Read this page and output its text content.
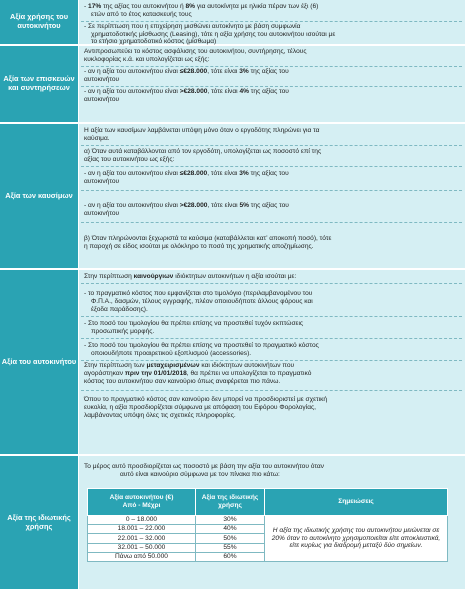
Αξία χρήσης του αυτοκινήτου
- 17% της αξίας του αυτοκινήτου ή 8% για αυτοκίνητα με ηλικία πέραν των έξι (6)
ετών από το έτος κατασκευής τους
- Σε περίπτωση που η επιχείρηση μισθώνει αυτοκίνητο με βάση συμφωνία
χρηματοδοτικής μίσθωσης (Leasing), τότε η αξία χρήσης του αυτοκινήτου ισούται με
Αξία των επισκευών και συντηρήσεων
Αντιπροσωπεύει το κόστος ασφάλισης του αυτοκινήτου, συντήρησης, τέλους
κυκλοφορίας κ.ά. και υπολογίζεται ως εξής:
- αν η αξία του αυτοκινήτου είναι ≤€28.000, τότε είναι 3% της αξίας του
αυτοκινήτου
- αν η αξία του αυτοκινήτου είναι >€28.000, τότε είναι 4% της αξίας του
αυτοκινήτου
Αξία των καυσίμων
Η αξία των καυσίμων λαμβάνεται υπόψη μόνο όταν ο εργοδότης πληρώνει για τα
καύσιμα.
α) Όταν αυτά καταβάλλονται από τον εργοδότη, υπολογίζεται ως ποσοστό επί της
αξίας του αυτοκινήτου ως εξής:
- αν η αξία του αυτοκινήτου είναι ≤€28.000, τότε είναι 3% της αξίας του
αυτοκινήτου
- αν η αξία του αυτοκινήτου είναι >€28.000, τότε είναι 5% της αξίας του
αυτοκινήτου
β) Όταν πληρώνονται ξεχωριστά τα καύσιμα (καταβάλλεται κατ’ αποκοπή ποσό), τότε
η παροχή σε είδος ισούται με ολόκληρο το ποσό της χρηματικής αποζημίωσης.
Αξία του αυτοκινήτου
Στην περίπτωση καινούργιων ιδιόκτητων αυτοκινήτων η αξία ισούται με:
- το πραγματικό κόστος που εμφανίζεται στο τιμολόγιο (περιλαμβανομένου του
Φ.Π.Α., δασμών, τέλους εγγραφής, πλέον οποιουδήποτε άλλους φόρους και
έξοδα παράδοσης).
- Στο ποσό του τιμολογίου θα πρέπει επίσης να προστεθεί τυχόν εκπτώσεις
προσωπικής μορφής.
- Στο ποσό του τιμολογίου θα πρέπει επίσης να προστεθεί το πραγματικό κόστος
οποιουδήποτε προαιρετικού εξοπλισμού (accessories).
Στην περίπτωση των μεταχειρισμένων και ιδιόκτητων αυτοκινήτων που
αγοράστηκαν πριν την 01/01/2018, θα πρέπει να υπολογίζεται το πραγματικό
κόστος του αυτοκινήτου σαν καινούριο όπως αναφέρεται πιο πάνω.
Όπου το πραγματικό κόστος σαν καινούριο δεν μπορεί να προσδιοριστεί με σχετική
ευκολία, η αξία προσδιορίζεται σύμφωνα με απόφαση του Εφόρου Φορολογίας,
λαμβάνοντας υπόψη όλες τις σχετικές πληροφορίες.
Αξία της ιδιωτικής χρήσης
Το μέρος αυτό προσδιορίζεται ως ποσοστό με βάση την αξία του αυτοκινήτου όταν
αυτό είναι καινούριο σύμφωνα με τον πίνακα πιο κάτω:
Αξία αυτοκινήτου (€)
Από - Μέχρι	Αξία της ιδιωτικής χρήσης	Σημειώσεις
0 – 18.000	30%	Η αξία της ιδιωτικής χρήσης του αυτοκινήτου μειώνεται σε 20% όταν το αυτοκίνητο χρησιμοποιείται είτε αποκλειστικά, είτε κυρίως για διαδρομή μεταξύ δύο σημείων.
18.001 – 22.000	40%	
22.001 – 32.000	50%	
32.001 – 50.000	55%	
Πάνω από 50.000	60%	
το ετήσιο χρηματοδοτικό κόστος (μίσθωμα)
